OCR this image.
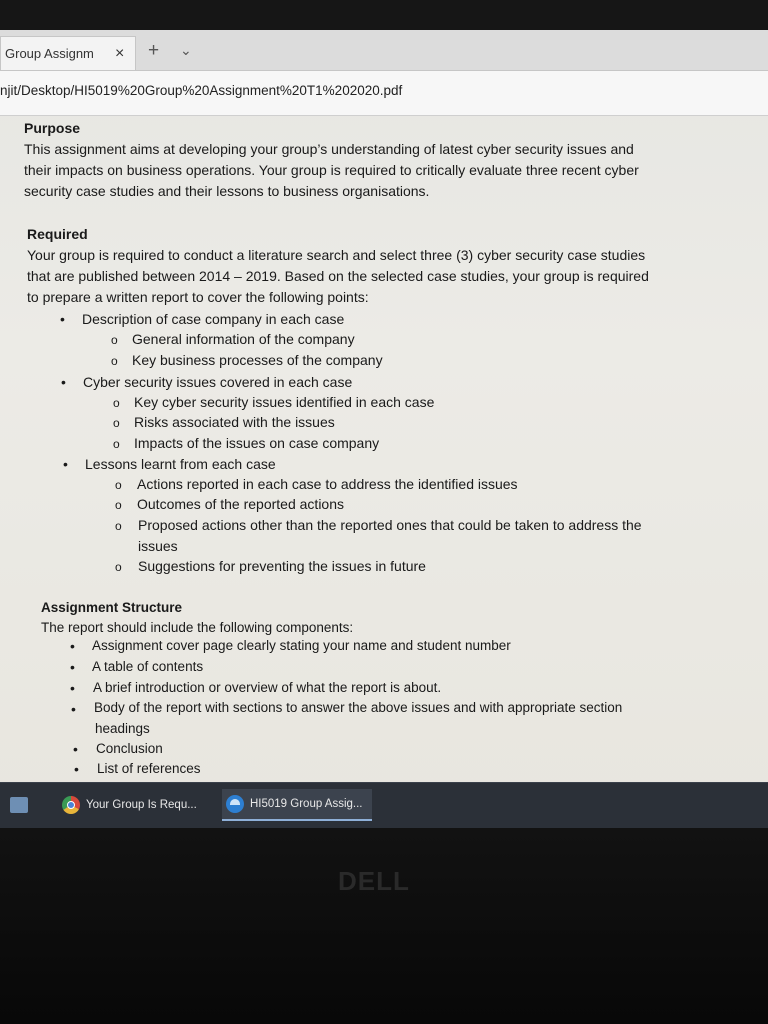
Group Assignm	× + ⌄
njit/Desktop/HI5019%20Group%20Assignment%20T1%202020.pdf
Purpose
This assignment aims at developing your group’s understanding of latest cyber security issues and
their impacts on business operations. Your group is required to critically evaluate three recent cyber
security case studies and their lessons to business organisations.
Required
Your group is required to conduct a literature search and select three (3) cyber security case studies
that are published between 2014 – 2019. Based on the selected case studies, your group is required
to prepare a written report to cover the following points:
• Description of case company in each case
o General information of the company
o Key business processes of the company
• Cyber security issues covered in each case
o Key cyber security issues identified in each case
o Risks associated with the issues
o Impacts of the issues on case company
• Lessons learnt from each case
o Actions reported in each case to address the identified issues
o Outcomes of the reported actions
o Proposed actions other than the reported ones that could be taken to address the
issues
o Suggestions for preventing the issues in future
Assignment Structure
The report should include the following components:
• Assignment cover page clearly stating your name and student number
• A table of contents
• A brief introduction or overview of what the report is about.
• Body of the report with sections to answer the above issues and with appropriate section
headings
• Conclusion
• List of references
Your Group Is Requ...	HI5019 Group Assig...
DELL
